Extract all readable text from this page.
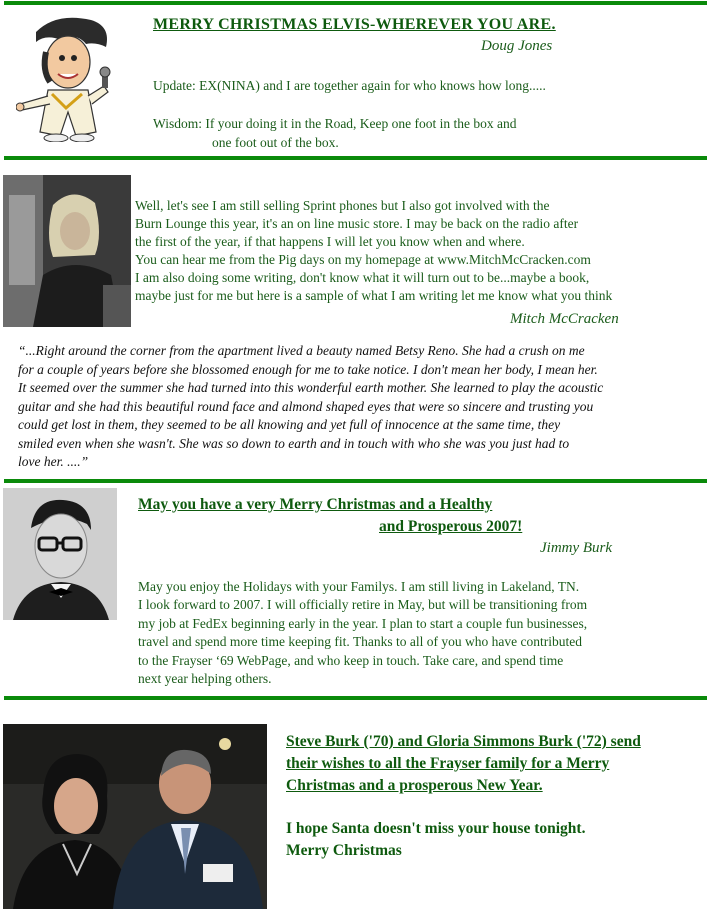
MERRY CHRISTMAS ELVIS-WHEREVER YOU ARE.
Doug Jones
Update: EX(NINA) and I are together again for who knows how long.....
Wisdom: If your doing it in the Road, Keep one foot in the box and
one foot out of the box.
Well, let's see I am still selling Sprint phones but I also got involved with the
Burn Lounge this year, it's an on line music store. I may be back on the radio after
the first of the year, if that happens I will let you know when and where.
You can hear me from the Pig days on my homepage at www.MitchMcCracken.com
I am also doing some writing, don't know what it will turn out to be...maybe a book,
maybe just for me but here is a sample of what I am writing let me know what you think
Mitch McCracken
“...Right around the corner from the apartment lived a beauty named Betsy Reno. She had a crush on me
for a couple of years before she blossomed enough for me to take notice. I don't mean her body, I mean her.
It seemed over the summer she had turned into this wonderful earth mother. She learned to play the acoustic
guitar and she had this beautiful round face and almond shaped eyes that were so sincere and trusting you
could get lost in them, they seemed to be all knowing and yet full of innocence at the same time, they
smiled even when she wasn't. She was so down to earth and in touch with who she was you just had to
love her. ....”
May you have a very Merry Christmas and a Healthy
and Prosperous 2007!
Jimmy Burk
May you enjoy the Holidays with your Familys. I am still living in Lakeland, TN.
I look forward to 2007. I will officially retire in May, but will be transitioning from
my job at FedEx beginning early in the year. I plan to start a couple fun businesses,
travel and spend more time keeping fit. Thanks to all of you who have contributed
to the Frayser ‘69 WebPage, and who keep in touch. Take care, and spend time
next year helping others.
Steve Burk ('70) and Gloria Simmons Burk ('72) send
their wishes to all the Frayser family for a Merry
Christmas and a prosperous New Year.
I hope Santa doesn't miss your house tonight.
Merry Christmas
